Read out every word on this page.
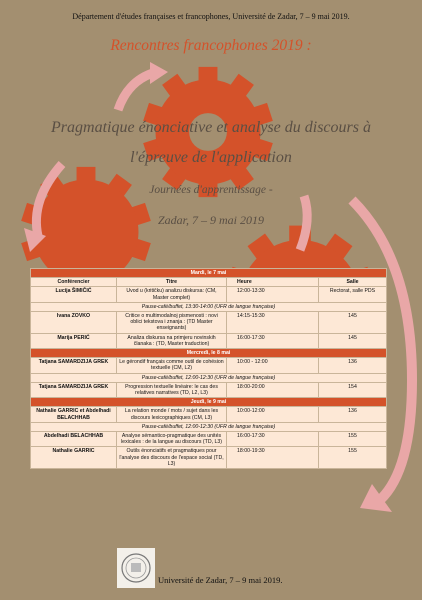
Département d'études françaises et francophones, Université de Zadar, 7 – 9 mai 2019.
Rencontres francophones 2019 :
Pragmatique énonciative et analyse du discours à
l'épreuve de l'application
Journées d'apprentissage -
Zadar, 7 – 9 mai 2019
Mardi, le 7 mai			
Conférencier	Titre	Heure	Salle
Lucija ŠIMIČIĆ	Uvod u (kritičku) analizu diskursa: (CM, Master complet)	12:00-13:30	Rectorat, salle PDS
Pause-café/buffet, 13:30-14:00 (UFR de langue française)			
Ivana ZOVKO	Critice o multimodalnoj pismenosti : novi oblici tekstova i znanja : (TD Master enseignants)	14:15-15:30	145
Marija PERIĆ	Analiza diskursa na primjeru novinskih članaka : (TD, Master traduction)	16:00-17:30	145
Mercredi, le 8 mai			
Tatjana SAMARDZIJA GREK	Le gérondif français comme outil de cohésion textuelle (CM, L2)	10:00 - 12:00	136
Pause-café/buffet, 12:00-12:30 (UFR de langue française)			
Tatjana SAMARDZIJA GREK	Progression textuelle linéaire: le cas des relatives narratives (TD, L2, L3)	18:00-20:00	154
Jeudi, le 9 mai			
Nathalie GARRIC et Abdelhadi BELACHHAB	La relation monde / mots / sujet dans les discours lexicographiques (CM, L3)	10:00-12:00	136
Pause-café/buffet, 12:00-12:30 (UFR de langue française)			
Abdelhadi BELACHHAB	Analyse sémantico-pragmatique des unités lexicales : de la langue au discours (TD, L3)	16:00-17:30	155
Nathalie GARRIC	Outils énonciatifs et pragmatiques pour l'analyse des discours de l'espace social (TD, L3)	18:00-19:30	155
Université de Zadar, 7 – 9 mai 2019.
